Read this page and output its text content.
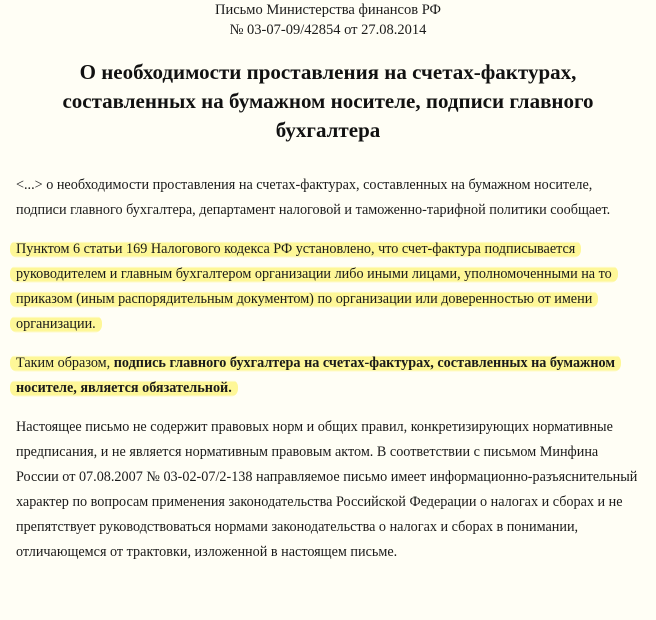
Письмо Министерства финансов РФ
№ 03-07-09/42854 от 27.08.2014
О необходимости проставления на счетах-фактурах, составленных на бумажном носителе, подписи главного бухгалтера
<...> о необходимости проставления на счетах-фактурах, составленных на бумажном носителе, подписи главного бухгалтера, департамент налоговой и таможенно-тарифной политики сообщает.
Пунктом 6 статьи 169 Налогового кодекса РФ установлено, что счет-фактура подписывается руководителем и главным бухгалтером организации либо иными лицами, уполномоченными на то приказом (иным распорядительным документом) по организации или доверенностью от имени организации.
Таким образом, подпись главного бухгалтера на счетах-фактурах, составленных на бумажном носителе, является обязательной.
Настоящее письмо не содержит правовых норм и общих правил, конкретизирующих нормативные предписания, и не является нормативным правовым актом. В соответствии с письмом Минфина России от 07.08.2007 № 03-02-07/2-138 направляемое письмо имеет информационно-разъяснительный характер по вопросам применения законодательства Российской Федерации о налогах и сборах и не препятствует руководствоваться нормами законодательства о налогах и сборах в понимании, отличающемся от трактовки, изложенной в настоящем письме.
